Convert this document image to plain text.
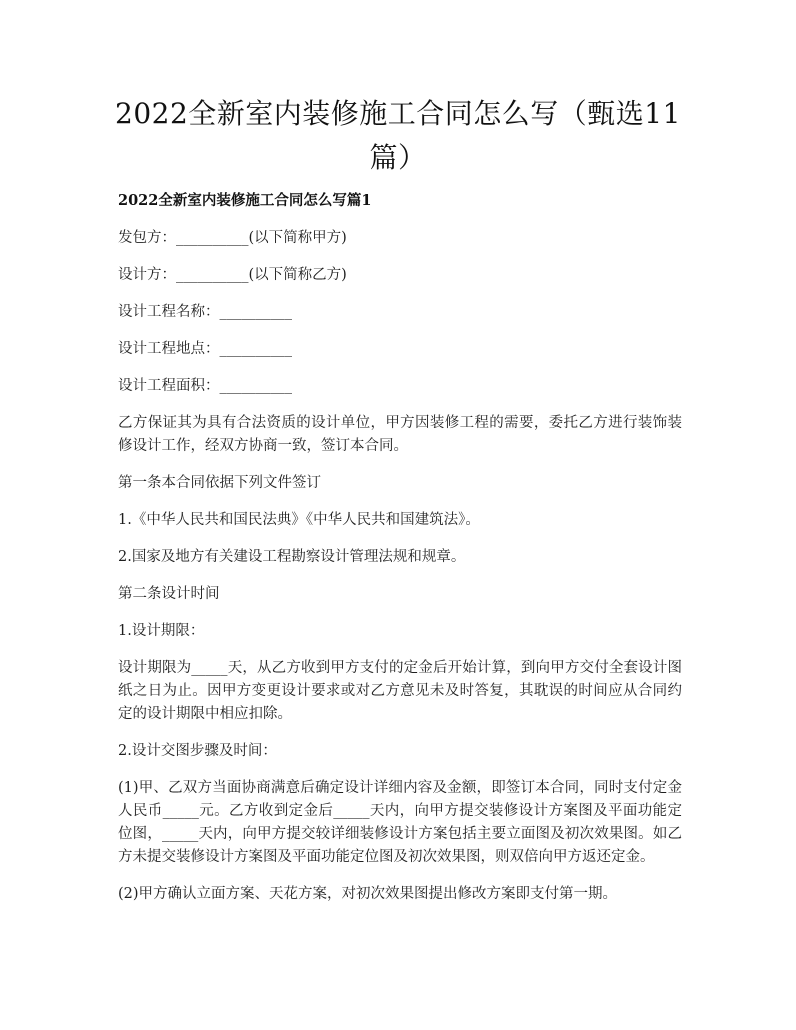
2022全新室内装修施工合同怎么写（甄选11
篇）
2022全新室内装修施工合同怎么写篇1

发包方：__________(以下简称甲方)

设计方：__________(以下简称乙方)

设计工程名称：__________

设计工程地点：__________

设计工程面积：__________

乙方保证其为具有合法资质的设计单位，甲方因装修工程的需要，委托乙方进行装饰装修设计工作，经双方协商一致，签订本合同。

第一条本合同依据下列文件签订

1.《中华人民共和国民法典》《中华人民共和国建筑法》。

2.国家及地方有关建设工程勘察设计管理法规和规章。

第二条设计时间

1.设计期限：

设计期限为_____天，从乙方收到甲方支付的定金后开始计算，到向甲方交付全套设计图纸之日为止。因甲方变更设计要求或对乙方意见未及时答复，其耽误的时间应从合同约定的设计期限中相应扣除。

2.设计交图步骤及时间：

(1)甲、乙双方当面协商满意后确定设计详细内容及金额，即签订本合同，同时支付定金人民币_____元。乙方收到定金后_____天内，向甲方提交装修设计方案图及平面功能定位图，_____天内，向甲方提交较详细装修设计方案包括主要立面图及初次效果图。如乙方未提交装修设计方案图及平面功能定位图及初次效果图，则双倍向甲方返还定金。

(2)甲方确认立面方案、天花方案，对初次效果图提出修改方案即支付第一期。
